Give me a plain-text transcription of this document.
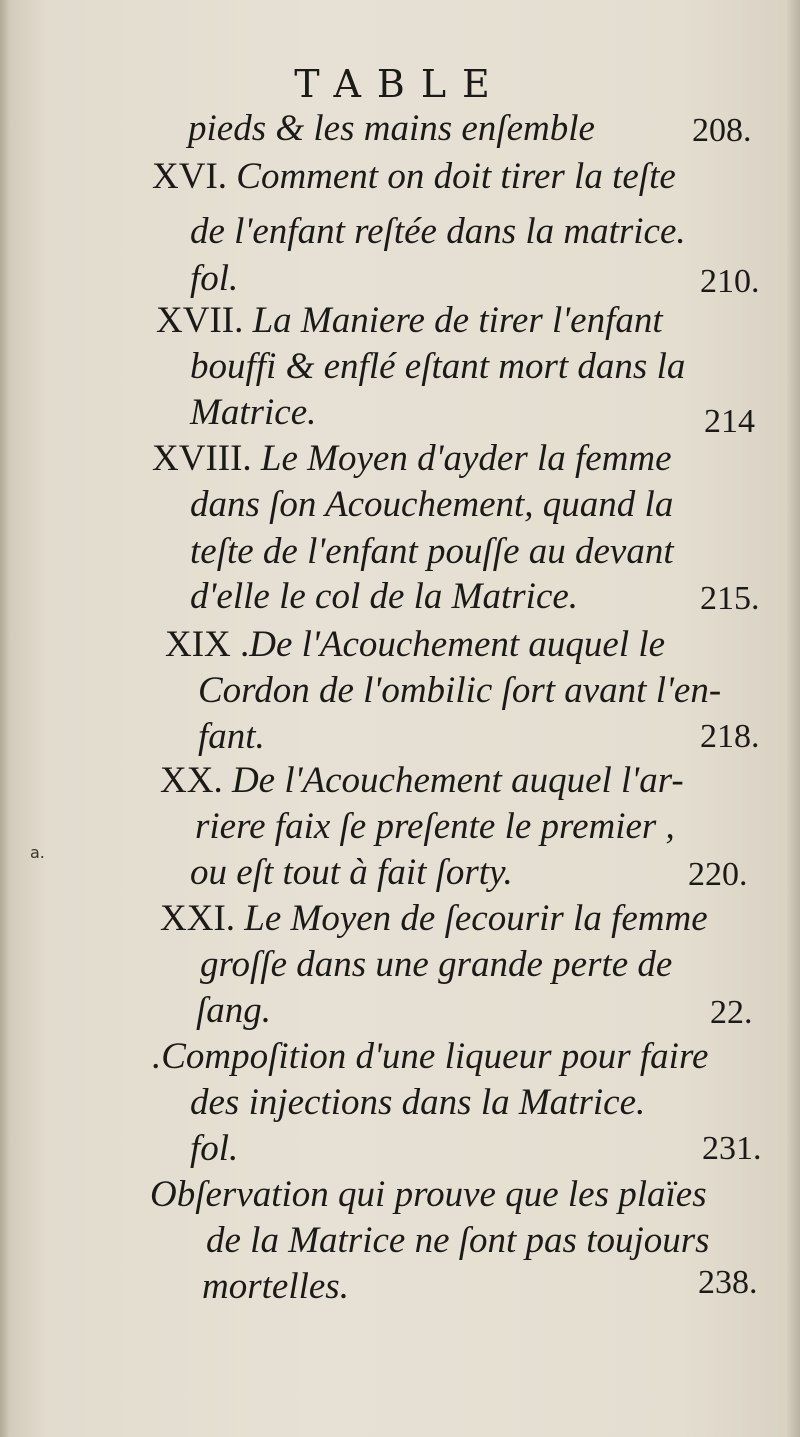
TABLE
pieds & les mains enſemble	208.
XVI. Comment on doit tirer la teſte
de l'enfant reſtée dans la matrice.
fol.	210.
XVII. La Maniere de tirer l'enfant
bouffi & enflé eſtant mort dans la
Matrice.	214
XVIII. Le Moyen d'ayder la femme
dans ſon Acouchement, quand la
teſte de l'enfant pouſſe au devant
d'elle le col de la Matrice.	215.
XIX .De l'Acouchement auquel le
Cordon de l'ombilic ſort avant l'en-
fant.	218.
XX. De l'Acouchement auquel l'ar-
riere faix ſe preſente le premier ,
ou eſt tout à fait ſorty.	220.
XXI. Le Moyen de ſecourir la femme
groſſe dans une grande perte de
ſang.	22.
.Compoſition d'une liqueur pour faire
des injections dans la Matrice.
fol.	231.
Obſervation qui prouve que les plaïes
de la Matrice ne ſont pas toujours
mortelles.	238.
a.
